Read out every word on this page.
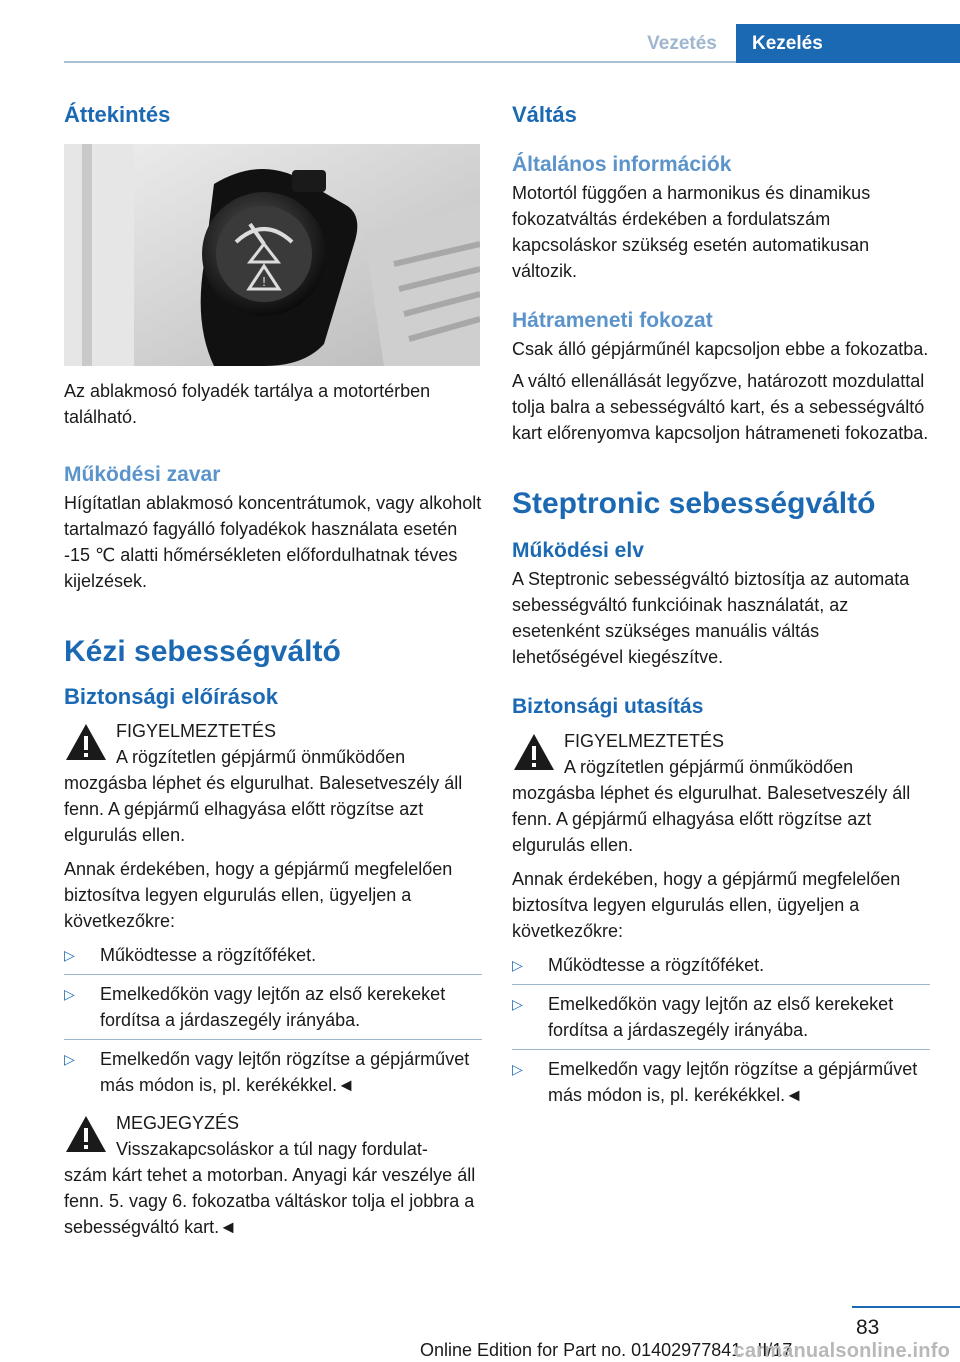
Vezetés	Kezelés
Áttekintés
!
Az ablakmosó folyadék tartálya a motortérben található.
Működési zavar
Hígítatlan ablakmosó koncentrátumok, vagy alkoholt tartalmazó fagyálló folyadékok használata esetén -15 ℃ alatti hőmérsékleten előfordulhatnak téves kijelzések.
Kézi sebességváltó
Biztonsági előírások
FIGYELMEZTETÉS
A rögzítetlen gépjármű önműködően
mozgásba léphet és elgurulhat. Balesetveszély áll fenn. A gépjármű elhagyása előtt rögzítse azt elgurulás ellen.
Annak érdekében, hogy a gépjármű megfelelően biztosítva legyen elgurulás ellen, ügyeljen a következőkre:
▷ Működtesse a rögzítőféket.
▷ Emelkedőkön vagy lejtőn az első kerekeket fordítsa a járdaszegély irányába.
▷ Emelkedőn vagy lejtőn rögzítse a gépjárművet más módon is, pl. kerékékkel.◄
MEGJEGYZÉS
Visszakapcsoláskor a túl nagy fordulat-
szám kárt tehet a motorban. Anyagi kár veszélye áll fenn. 5. vagy 6. fokozatba váltáskor tolja el jobbra a sebességváltó kart.◄
Váltás
Általános információk
Motortól függően a harmonikus és dinamikus fokozatváltás érdekében a fordulatszám kapcsoláskor szükség esetén automatikusan változik.
Hátrameneti fokozat
Csak álló gépjárműnél kapcsoljon ebbe a fokozatba.
A váltó ellenállását legyőzve, határozott mozdulattal tolja balra a sebességváltó kart, és a sebességváltó kart előrenyomva kapcsoljon hátrameneti fokozatba.
Steptronic sebességváltó
Működési elv
A Steptronic sebességváltó biztosítja az automata sebességváltó funkcióinak használatát, az esetenként szükséges manuális váltás lehetőségével kiegészítve.
Biztonsági utasítás
FIGYELMEZTETÉS
A rögzítetlen gépjármű önműködően
mozgásba léphet és elgurulhat. Balesetveszély áll fenn. A gépjármű elhagyása előtt rögzítse azt elgurulás ellen.
Annak érdekében, hogy a gépjármű megfelelően biztosítva legyen elgurulás ellen, ügyeljen a következőkre:
▷ Működtesse a rögzítőféket.
▷ Emelkedőkön vagy lejtőn az első kerekeket fordítsa a járdaszegély irányába.
▷ Emelkedőn vagy lejtőn rögzítse a gépjárművet más módon is, pl. kerékékkel.◄
83
Online Edition for Part no. 01402977841 - II/17
carmanualsonline.info
